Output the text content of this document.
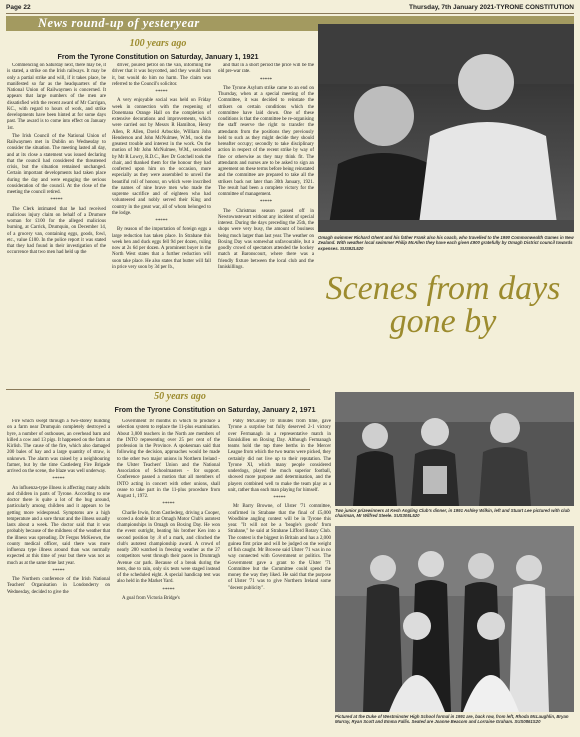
Page 22	Thursday, 7th January 2021-TYRONE CONSTITUTION
News round-up of yesteryear
100 years ago
From the Tyrone Constitution on Saturday, January 1, 1921

Commencing on Saturday next, there may be, it is stated, a strike on the Irish railways. It may be only a partial strike and will, if it takes place, be manifested so far as the headquarters of the National Union of Railwaymen is concerned. It appears that large numbers of the men are dissatisfied with the recent award of Mr Carrigan, KC., with regard to hours of work, and strike developments have been hinted at for some days past. The award is to come into effect on January 1st.

The Irish Council of the National Union of Railwaymen met in Dublin on Wednesday to consider the situation. The meeting lasted all day, and at its close a statement was issued declaring that the council had considered the threatened crisis, but the situation remained unchanged. Certain important developments had taken place during the day and were engaging the serious consideration of the council. At the close of the meeting the council retired.

*****

The Clerk intimated that he had received malicious injury claim on behalf of a Drumore woman for £100 for the alleged malicious burning, at Carrick, Drumquin, on December 14, of a grocery van, containing eggs, goods, fowl, etc., value £100. In the police report it was stated that they had found in their investigation of the occurrence that two men had held up the

driver, poured petrol on the van, informing the driver that it was boycotted, and they would burn it, but would do him no harm. The claim was referred to the Council's solicitor.

*****

A very enjoyable social was held on Friday week in connection with the reopening of Donemana Orange Hall on the completion of extensive decorations and improvements, which were carried out by Messrs R Hamilton, Henry Allen, R Allen, David Arbuckle, William John Henderson and John McNulmee, W.M., took the greatest trouble and interest in the work. On the motion of Mr John McNulmee, W.M., seconded by Mr R Lowry, R.D.C., Rev Dr Gotchell took the chair, and thanked them for the honour they had conferred upon him on the occasion, more especially as they were assembled to unveil the beautiful roll of honour, on which were inscribed the names of nine brave men who made the supreme sacrifice and of eighteen who had volunteered and nobly served their King and country in the great war, all of whom belonged to the lodge.

*****

By reason of the importation of foreign eggs a large reduction has taken place. In Strabane this week hen and duck eggs fell 9d per dozen, ruling now at 2s 6d per dozen. A prominent buyer in the North West states that a further reduction will soon take place. He also states that butter will fall in price very soon by 3d per lb.,

and that in a short period the price will be the old pre-war rate.

*****

The Tyrone Asylum strike came to an end on Thursday, when at a special meeting of the Committee, it was decided to reinstate the strikers on certain conditions which the committee have laid down. One of these conditions is that the committee be re-organising the staff reserve the right to transfer the attendants from the positions they previously held to such as they might decide they should hereafter occupy; secondly to take disciplinary action in respect of the recent strike by way of fine or otherwise as they may think fit. The attendants and nurses are to be asked to sign an agreement on these terms before being reinstated and the committee are prepared to take all the strikers back not later than 30th January, 1921. The result had been a complete victory for the committee of management.

*****

The Christmas season passed off in Newtownstewart without any incident of special interest. During the days preceding the 25th, the shops were very busy, the amount of business being much larger than last year. The weather on Boxing Day was somewhat unfavourable, but a goodly crowd of spectators attended the hockey match at Baronscourt, where there was a friendly fixture between the local club and the Inniskillings.

Omagh swimmer Richard Ghent and his father Frank also his coach, who travelled to the 1990 Commonwealth Games in New Zealand. With weather local swimmer Philip McAllen they have each given £900 gratefully by Omagh District council towards expenses. SUS92L520
Scenes from days gone by
50 years ago
From the Tyrone Constitution on Saturday, January 2, 1971

Fire which swept through a two-storey building on a farm near Drumquin completely destroyed a byre, a number of outhouses, an overhead barn and killed a cow and 13 pigs. It happened on the farm at Kirlish. The cause of the fire, which also damaged 200 bales of hay and a large quantity of straw, is unknown. The alarm was raised by a neighbouring farmer, but by the time Castlederg Fire Brigade arrived on the scene, the blaze was well underway.

*****

An influenza-type illness is affecting many adults and children in parts of Tyrone. According to one doctor there is quite a lot of the bug around, particularly among children and it appears to be getting more widespread. Symptoms are a high temperature and a sore throat and the illness usually lasts about a week. The doctor said that it was probably because of the mildness of the weather that the illness was spreading. Dr Fergus McKeown, the county medical officer, said there was more influenza type illness around than was normally expected at this time of year but there was not as much as at the same time last year.

*****

The Northern conference of the Irish National Teachers' Organisation in Londonderry on Wednesday, decided to give the

Government 18 months in which to produce a selection system to replace the 11-plus examination. About 3,000 teachers in the North are members of the INTO representing over 25 per cent of the profession in the Province. A spokesman said that following the decision, approaches would be made to the other two major unions in Northern Ireland - the Ulster Teachers' Union and the National Association of Schoolmasters - for support. Conference passed a motion that all members of INTO acting in concert with other unions, shall cease to take part in the 11-plus procedure from August 1, 1972.

*****

Charlie Irwin, from Castlederg, driving a Cooper, scored a double hit at Omagh Motor Club's autotest championships in Omagh on Boxing Day. He won the event outright, beating his brother Ken into a second position by .8 of a mark, and clinched the club's autotest championship award. A crowd of nearly 200 watched in freezing weather as the 27 competitors went through their paces in Drumragh Avenue car park. Because of a break during the tests, due to rain, only six tests were staged instead of the scheduled eight. A special handicap test was also held in the Market Yard.

*****

A goal from Victoria Bridge's

Patsy McGinley 10 minutes from time, gave Tyrone a surprise but fully deserved 2-1 victory over Fermanagh in a representative match in Enniskillen on Boxing Day. Although Fermanagh teams hold the top three berths in the Mercer League from which the two teams were picked, they certainly did not live up to their reputation. The Tyrone XI, which many people considered underdogs, played the much superior football, showed more purpose and determination, and the players combined well to make the team play as a unit, rather than each man playing for himself.

*****

Mr Barry Browne, of Ulster '71 committee, confirmed in Strabane that the final of £5,000 Woodbine angling contest will be in Tyrone this year. "It will not be a 'beagle's goods' from Strabane," he said at Strabane Lifford Rotary Club. The contest is the biggest in Britain and has a 2,000 guinea first prize and will be judged on the weight of fish caught. Mr Browne said Ulster '71 was in no way connected with Government or politics. The Government gave a grant to the Ulster '71 Committee but the Committee could spend the money the way they liked. He said that the purpose of Ulster '71 was to give Northern Ireland some "decent publicity".

Two junior prizewinners at Kesh Angling Club's dinner, in 1991 Ashley Wilkin, left and Stuart Lee pictured with club chairman, Mr Wilfred Steele. SUS305L520
Pictured at the Duke of Westminster High School formal in 1991 are, back row, from left, Rhoda McLaughlin, Bryan Murray, Ryan Scott and Emma Fallis. Seated are Joanne Beacom and Lorraine Graham. SUS0861S20
